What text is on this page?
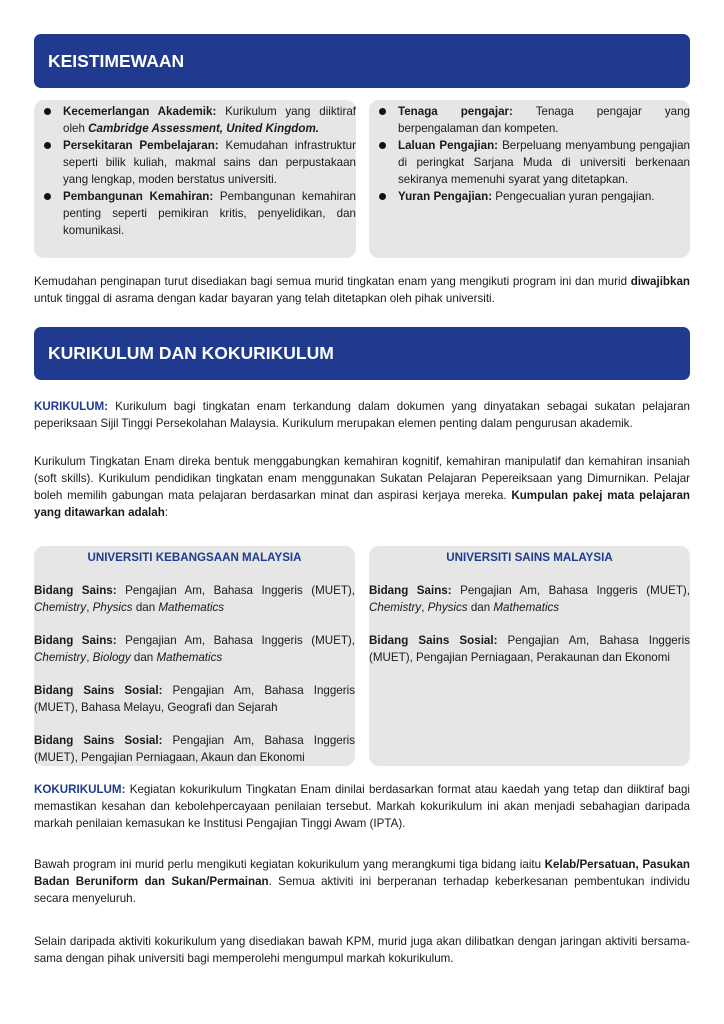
KEISTIMEWAAN
Kecemerlangan Akademik: Kurikulum yang diiktiraf oleh Cambridge Assessment, United Kingdom.
Persekitaran Pembelajaran: Kemudahan infrastruktur seperti bilik kuliah, makmal sains dan perpustakaan yang lengkap, moden berstatus universiti.
Pembangunan Kemahiran: Pembangunan kemahiran penting seperti pemikiran kritis, penyelidikan, dan komunikasi.
Tenaga pengajar: Tenaga pengajar yang berpengalaman dan kompeten.
Laluan Pengajian: Berpeluang menyambung pengajian di peringkat Sarjana Muda di universiti berkenaan sekiranya memenuhi syarat yang ditetapkan.
Yuran Pengajian: Pengecualian yuran pengajian.

Kemudahan penginapan turut disediakan bagi semua murid tingkatan enam yang mengikuti program ini dan murid diwajibkan untuk tinggal di asrama dengan kadar bayaran yang telah ditetapkan oleh pihak universiti.

KURIKULUM DAN KOKURIKULUM

KURIKULUM: Kurikulum bagi tingkatan enam terkandung dalam dokumen yang dinyatakan sebagai sukatan pelajaran peperiksaan Sijil Tinggi Persekolahan Malaysia. Kurikulum merupakan elemen penting dalam pengurusan akademik.

Kurikulum Tingkatan Enam direka bentuk menggabungkan kemahiran kognitif, kemahiran manipulatif dan kemahiran insaniah (soft skills). Kurikulum pendidikan tingkatan enam menggunakan Sukatan Pelajaran Pepereiksaan yang Dimurnikan. Pelajar boleh memilih gabungan mata pelajaran berdasarkan minat dan aspirasi kerjaya mereka. Kumpulan pakej mata pelajaran yang ditawarkan adalah:

UNIVERSITI KEBANGSAAN MALAYSIA
Bidang Sains: Pengajian Am, Bahasa Inggeris (MUET), Chemistry, Physics dan Mathematics
Bidang Sains: Pengajian Am, Bahasa Inggeris (MUET), Chemistry, Biology dan Mathematics
Bidang Sains Sosial: Pengajian Am, Bahasa Inggeris (MUET), Bahasa Melayu, Geografi dan Sejarah
Bidang Sains Sosial: Pengajian Am, Bahasa Inggeris (MUET), Pengajian Perniagaan, Akaun dan Ekonomi
UNIVERSITI SAINS MALAYSIA
Bidang Sains: Pengajian Am, Bahasa Inggeris (MUET), Chemistry, Physics dan Mathematics
Bidang Sains Sosial: Pengajian Am, Bahasa Inggeris (MUET), Pengajian Perniagaan, Perakaunan dan Ekonomi

KOKURIKULUM: Kegiatan kokurikulum Tingkatan Enam dinilai berdasarkan format atau kaedah yang tetap dan diiktiraf bagi memastikan kesahan dan kebolehpercayaan penilaian tersebut. Markah kokurikulum ini akan menjadi sebahagian daripada markah penilaian kemasukan ke Institusi Pengajian Tinggi Awam (IPTA).

Bawah program ini murid perlu mengikuti kegiatan kokurikulum yang merangkumi tiga bidang iaitu Kelab/Persatuan, Pasukan Badan Beruniform dan Sukan/Permainan. Semua aktiviti ini berperanan terhadap keberkesanan pembentukan individu secara menyeluruh.

Selain daripada aktiviti kokurikulum yang disediakan bawah KPM, murid juga akan dilibatkan dengan jaringan aktiviti bersama-sama dengan pihak universiti bagi memperolehi mengumpul markah kokurikulum.
